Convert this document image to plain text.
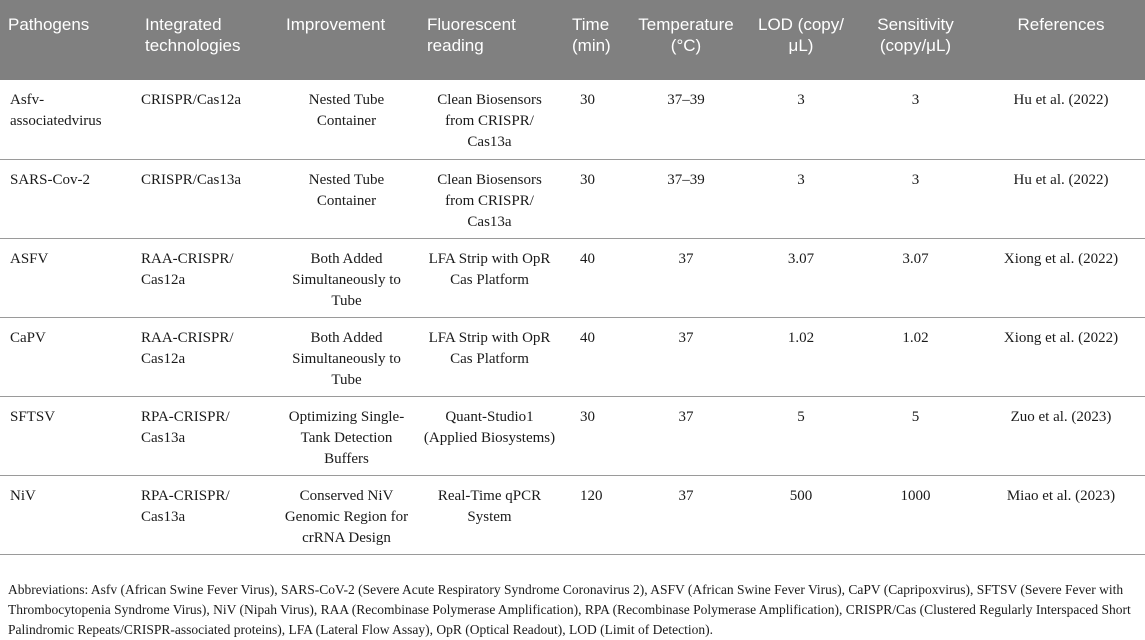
Pathogens	Integrated technologies	Improvement	Fluorescent reading	Time (min)	Temperature (°C)	LOD (copy/ μL)	Sensitivity (copy/μL)	References
Asfv-associatedvirus	CRISPR/Cas12a	Nested Tube Container	Clean Biosensors from CRISPR/ Cas13a	30	37–39	3	3	Hu et al. (2022)
SARS-Cov-2	CRISPR/Cas13a	Nested Tube Container	Clean Biosensors from CRISPR/ Cas13a	30	37–39	3	3	Hu et al. (2022)
ASFV	RAA-CRISPR/ Cas12a	Both Added Simultaneously to Tube	LFA Strip with OpR Cas Platform	40	37	3.07	3.07	Xiong et al. (2022)
CaPV	RAA-CRISPR/ Cas12a	Both Added Simultaneously to Tube	LFA Strip with OpR Cas Platform	40	37	1.02	1.02	Xiong et al. (2022)
SFTSV	RPA-CRISPR/ Cas13a	Optimizing Single-Tank Detection Buffers	Quant-Studio1 (Applied Biosystems)	30	37	5	5	Zuo et al. (2023)
NiV	RPA-CRISPR/ Cas13a	Conserved NiV Genomic Region for crRNA Design	Real-Time qPCR System	120	37	500	1000	Miao et al. (2023)
Abbreviations: Asfv (African Swine Fever Virus), SARS-CoV-2 (Severe Acute Respiratory Syndrome Coronavirus 2), ASFV (African Swine Fever Virus), CaPV (Capripoxvirus), SFTSV (Severe Fever with Thrombocytopenia Syndrome Virus), NiV (Nipah Virus), RAA (Recombinase Polymerase Amplification), RPA (Recombinase Polymerase Amplification), CRISPR/Cas (Clustered Regularly Interspaced Short Palindromic Repeats/CRISPR-associated proteins), LFA (Lateral Flow Assay), OpR (Optical Readout), LOD (Limit of Detection).
